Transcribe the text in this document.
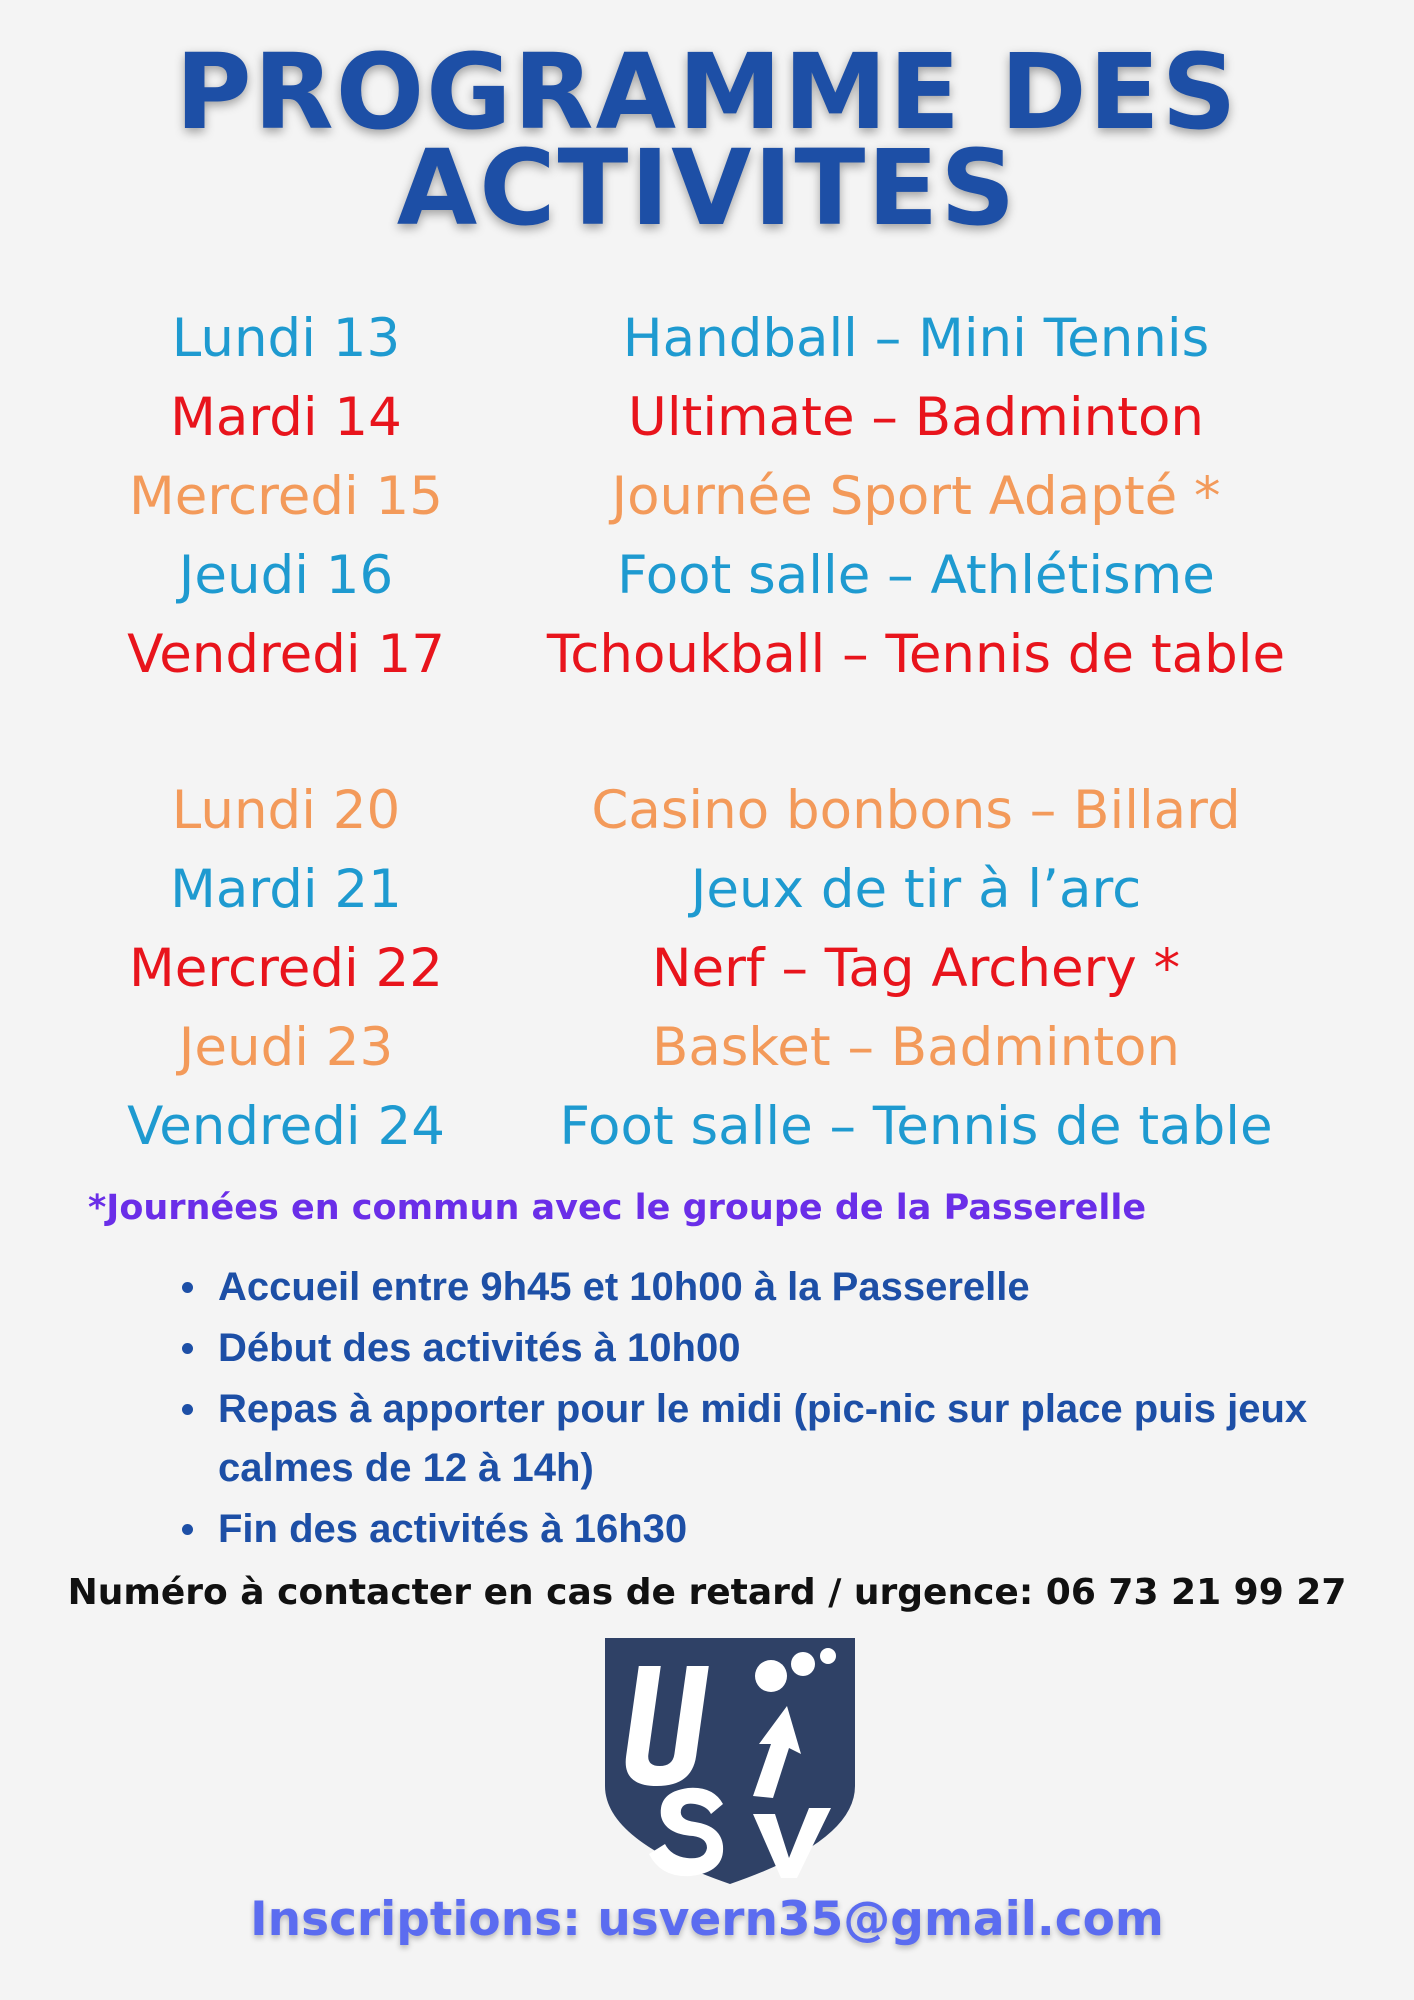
PROGRAMME DES
ACTIVITES
Lundi 13	Handball – Mini Tennis
Mardi 14	Ultimate – Badminton
Mercredi 15	Journée Sport Adapté *
Jeudi 16	Foot salle – Athlétisme
Vendredi 17	Tchoukball – Tennis de table
Lundi 20	Casino bonbons – Billard
Mardi 21	Jeux de tir à l’arc
Mercredi 22	Nerf – Tag Archery *
Jeudi 23	Basket – Badminton
Vendredi 24	Foot salle – Tennis de table
*Journées en commun avec le groupe de la Passerelle
Accueil entre 9h45 et 10h00 à la Passerelle
Début des activités à 10h00
Repas à apporter pour le midi (pic-nic sur place puis jeux calmes de 12 à 14h)
Fin des activités à 16h30
Numéro à contacter en cas de retard / urgence: 06 73 21 99 27
Inscriptions: usvern35@gmail.com
